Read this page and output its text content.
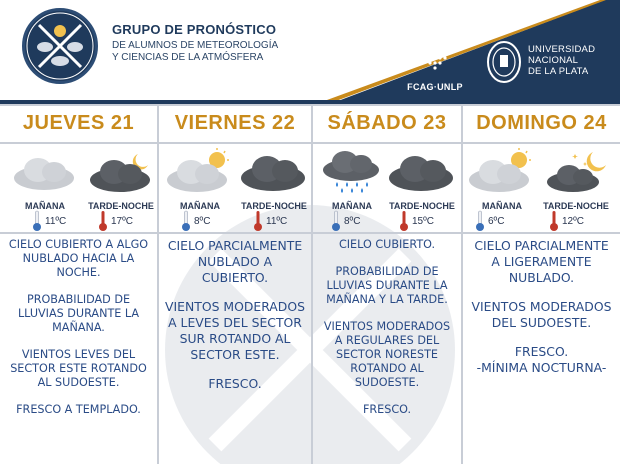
GRUPO DE PRONÓSTICO
DE ALUMNOS DE METEOROLOGÍA
Y CIENCIAS DE LA ATMÓSFERA
FCAG·UNLP
UNIVERSIDAD
NACIONAL
DE LA PLATA
JUEVES 21
MAÑANA	TARDE-NOCHE
11ºC	17ºC

CIELO CUBIERTO A ALGO NUBLADO HACIA LA NOCHE.

PROBABILIDAD DE LLUVIAS DURANTE LA MAÑANA.

VIENTOS LEVES DEL SECTOR ESTE ROTANDO AL SUDOESTE.

FRESCO A TEMPLADO.

VIERNES 22
MAÑANA	TARDE-NOCHE
8ºC	11ºC

CIELO PARCIALMENTE NUBLADO A CUBIERTO.

VIENTOS MODERADOS A LEVES DEL SECTOR SUR ROTANDO AL SECTOR ESTE.

FRESCO.

SÁBADO 23
MAÑANA	TARDE-NOCHE
8ºC	15ºC

CIELO CUBIERTO.

PROBABILIDAD DE LLUVIAS DURANTE LA MAÑANA Y LA TARDE.

VIENTOS MODERADOS A REGULARES DEL SECTOR NORESTE ROTANDO AL SUDOESTE.

FRESCO.

DOMINGO 24
MAÑANA	TARDE-NOCHE
6ºC	12ºC

CIELO PARCIALMENTE A LIGERAMENTE NUBLADO.

VIENTOS MODERADOS DEL SUDOESTE.

FRESCO.

-MÍNIMA NOCTURNA-
